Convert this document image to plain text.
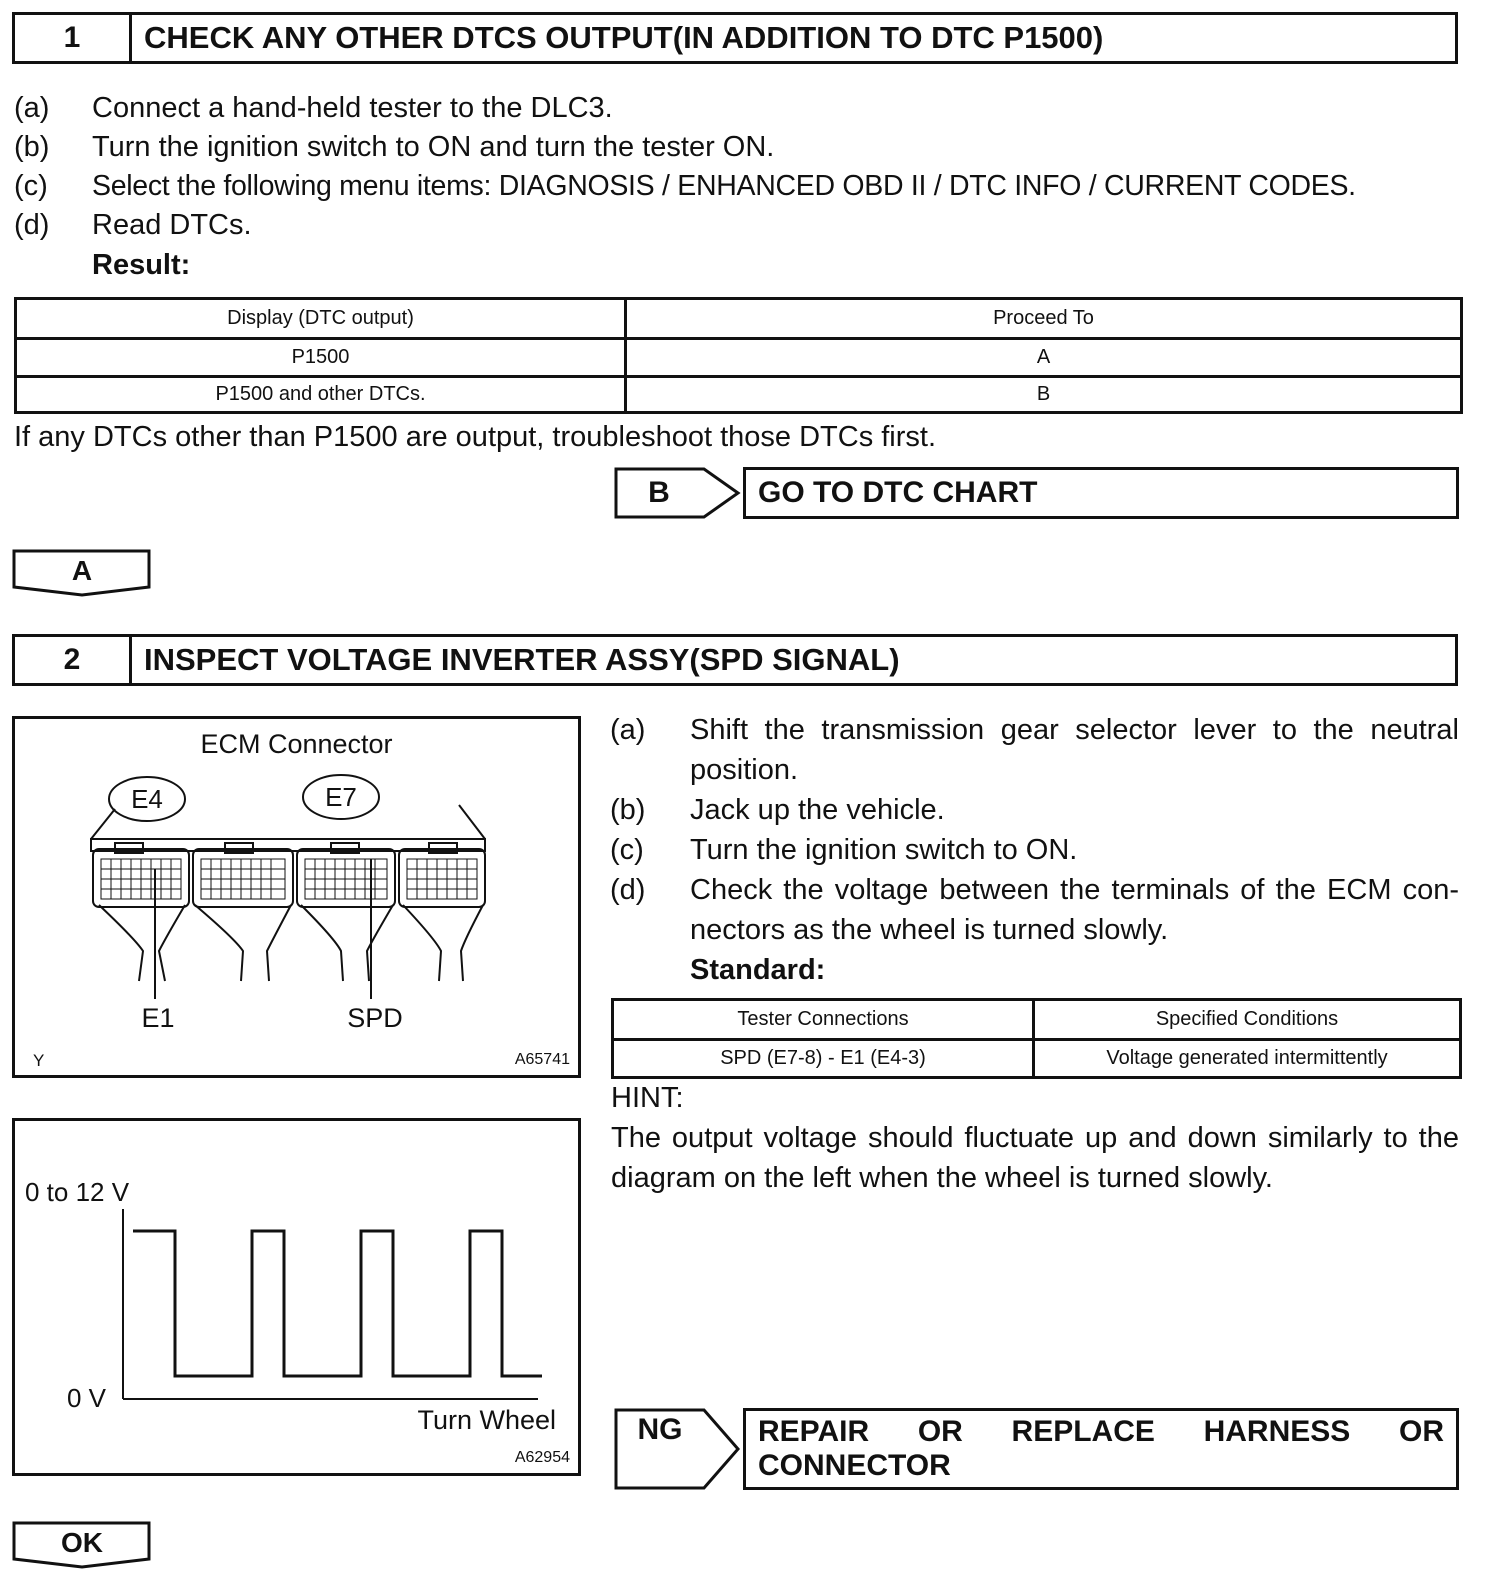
1	CHECK ANY OTHER DTCS OUTPUT(IN ADDITION TO DTC P1500)
(a) Connect a hand-held tester to the DLC3.
(b) Turn the ignition switch to ON and turn the tester ON.
(c) Select the following menu items: DIAGNOSIS / ENHANCED OBD II / DTC INFO / CURRENT CODES.
(d) Read DTCs.
Result:
Display (DTC output)	Proceed To
P1500	A
P1500 and other DTCs.	B
If any DTCs other than P1500 are output, troubleshoot those DTCs first.
B	GO TO DTC CHART
A
2	INSPECT VOLTAGE INVERTER ASSY(SPD SIGNAL)
ECM Connector
E4	E7
E1	SPD
Y	A65741
0 to 12 V
0 V
Turn Wheel
A62954
(a) Shift the transmission gear selector lever to the neutral
position.
(b) Jack up the vehicle.
(c) Turn the ignition switch to ON.
(d) Check the voltage between the terminals of the ECM con-
nectors as the wheel is turned slowly.
Standard:
Tester Connections	Specified Conditions
SPD (E7-8) - E1 (E4-3)	Voltage generated intermittently
HINT:
The output voltage should fluctuate up and down similarly to the
diagram on the left when the wheel is turned slowly.
NG	REPAIR OR REPLACE HARNESS OR
CONNECTOR
OK
